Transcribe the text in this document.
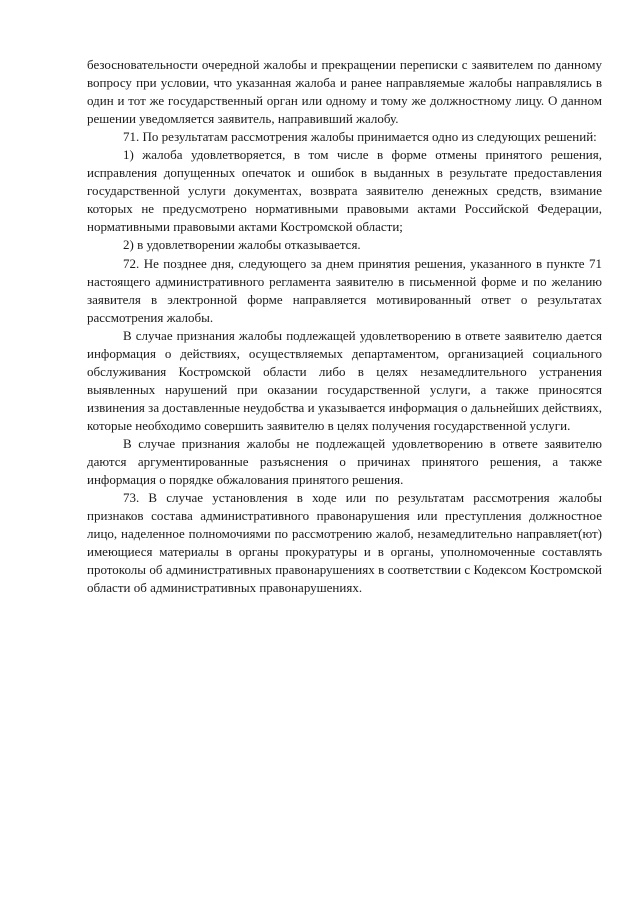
безосновательности очередной жалобы и прекращении переписки с заявителем по данному вопросу при условии, что указанная жалоба и ранее направляемые жалобы направлялись в один и тот же государственный орган или одному и тому же должностному лицу. О данном решении уведомляется заявитель, направивший жалобу.

71. По результатам рассмотрения жалобы принимается одно из следующих решений:

1) жалоба удовлетворяется, в том числе в форме отмены принятого решения, исправления допущенных опечаток и ошибок в выданных в результате предоставления государственной услуги документах, возврата заявителю денежных средств, взимание которых не предусмотрено нормативными правовыми актами Российской Федерации, нормативными правовыми актами Костромской области;

2) в удовлетворении жалобы отказывается.

72. Не позднее дня, следующего за днем принятия решения, указанного в пункте 71 настоящего административного регламента заявителю в письменной форме и по желанию заявителя в электронной форме направляется мотивированный ответ о результатах рассмотрения жалобы.

В случае признания жалобы подлежащей удовлетворению в ответе заявителю дается информация о действиях, осуществляемых департаментом, организацией социального обслуживания Костромской области либо в целях незамедлительного устранения выявленных нарушений при оказании государственной услуги, а также приносятся извинения за доставленные неудобства и указывается информация о дальнейших действиях, которые необходимо совершить заявителю в целях получения государственной услуги.

В случае признания жалобы не подлежащей удовлетворению в ответе заявителю даются аргументированные разъяснения о причинах принятого решения, а также информация о порядке обжалования принятого решения.

73. В случае установления в ходе или по результатам рассмотрения жалобы признаков состава административного правонарушения или преступления должностное лицо, наделенное полномочиями по рассмотрению жалоб, незамедлительно направляет(ют) имеющиеся материалы в органы прокуратуры и в органы, уполномоченные составлять протоколы об административных правонарушениях в соответствии с Кодексом Костромской области об административных правонарушениях.
